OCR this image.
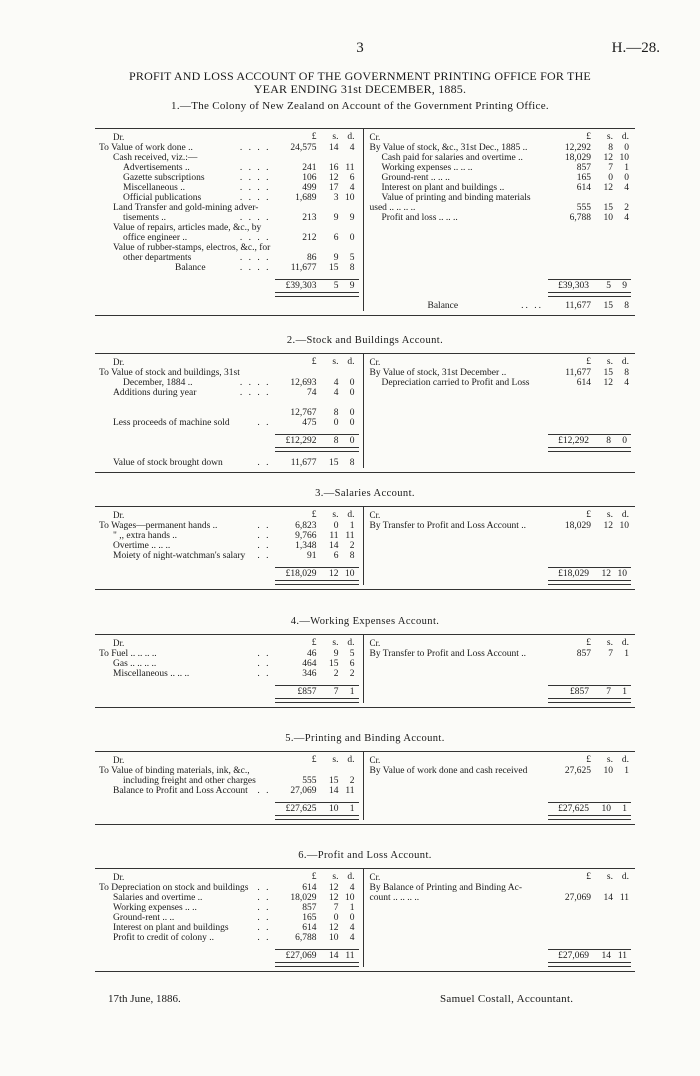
3	H.—28.
PROFIT AND LOSS ACCOUNT OF THE GOVERNMENT PRINTING OFFICE FOR THE
YEAR ENDING 31st DECEMBER, 1885.
1.—The Colony of New Zealand on Account of the Government Printing Office.
Dr.	£	s. d.
To Value of work done ..	. . . . 24,575	14	4
Cash received, viz.:—
Advertisements ..	. . . .	241	16 11
Gazette subscriptions	. . . .	106	12	6
Miscellaneous ..	. . . .	499	17	4
Official publications	. . . .	1,689	3 10
Land Transfer and gold-mining adver-
tisements ..	. . . .	213	9	9
Value of repairs, articles made, &c., by
office engineer ..	. . . .	212	6	0
Value of rubber-stamps, electros, &c., for
other departments	. . . .	86	9	5
Balance	. . . . 11,677	15	8
£39,303	5	9
Cr.	£	s. d.
By Value of stock, &c., 31st Dec., 1885 ..	12,292	8	0
Cash paid for salaries and overtime ..	18,029	12 10
Working expenses .. .. ..	857	7	1
Ground-rent .. .. ..	165	0	0
Interest on plant and buildings ..	614	12	4
Value of printing and binding materials
used .. .. .. ..	555	15	2
Profit and loss .. .. ..	6,788	10	4
£39,303	5	9
Balance	.. .. 11,677	15	8
2.—Stock and Buildings Account.
Dr.	£	s. d.
To Value of stock and buildings, 31st
December, 1884 ..	. . . . 12,693	4	0
Additions during year	. . . .	74	4	0
12,767	8	0
Less proceeds of machine sold	. .	475	0	0
£12,292	8	0
Value of stock brought down	. . 11,677	15	8
Cr.	£	s. d.
By Value of stock, 31st December ..	11,677	15	8
Depreciation carried to Profit and Loss	614	12	4
£12,292	8	0
3.—Salaries Account.
Dr.	£	s. d.
To Wages—permanent hands ..	. .	6,823	0	1
" ,, extra hands ..	. .	9,766	11 11
Overtime .. .. ..	. .	1,348	14	2
Moiety of night-watchman's salary . .	91	6	8
£18,029	12 10
Cr.	£	s. d.
By Transfer to Profit and Loss Account ..	18,029	12 10
£18,029	12 10
4.—Working Expenses Account.
Dr.	£	s. d.
To Fuel .. .. .. ..	. .	46	9	5
Gas .. .. .. ..	. .	464	15	6
Miscellaneous .. .. ..	. .	346	2	2
£857	7	1
Cr.	£	s. d.
By Transfer to Profit and Loss Account ..	857	7	1
£857	7	1
5.—Printing and Binding Account.
Dr.	£	s. d.
To Value of binding materials, ink, &c.,
including freight and other charges	555	15	2
Balance to Profit and Loss Account . . 27,069	14 11
£27,625	10	1
Cr.	£	s. d.
By Value of work done and cash received	27,625	10	1
£27,625	10	1
6.—Profit and Loss Account.
Dr.	£	s. d.
To Depreciation on stock and buildings . .	614	12	4
Salaries and overtime ..	. . 18,029	12 10
Working expenses .. ..	. .	857	7	1
Ground-rent .. ..	. .	165	0	0
Interest on plant and buildings	. .	614	12	4
Profit to credit of colony ..	. .	6,788	10	4
£27,069	14 11
Cr.	£	s. d.
By Balance of Printing and Binding Ac-
count .. .. .. ..	27,069	14 11
£27,069	14 11
17th June, 1886.	Samuel Costall, Accountant.
